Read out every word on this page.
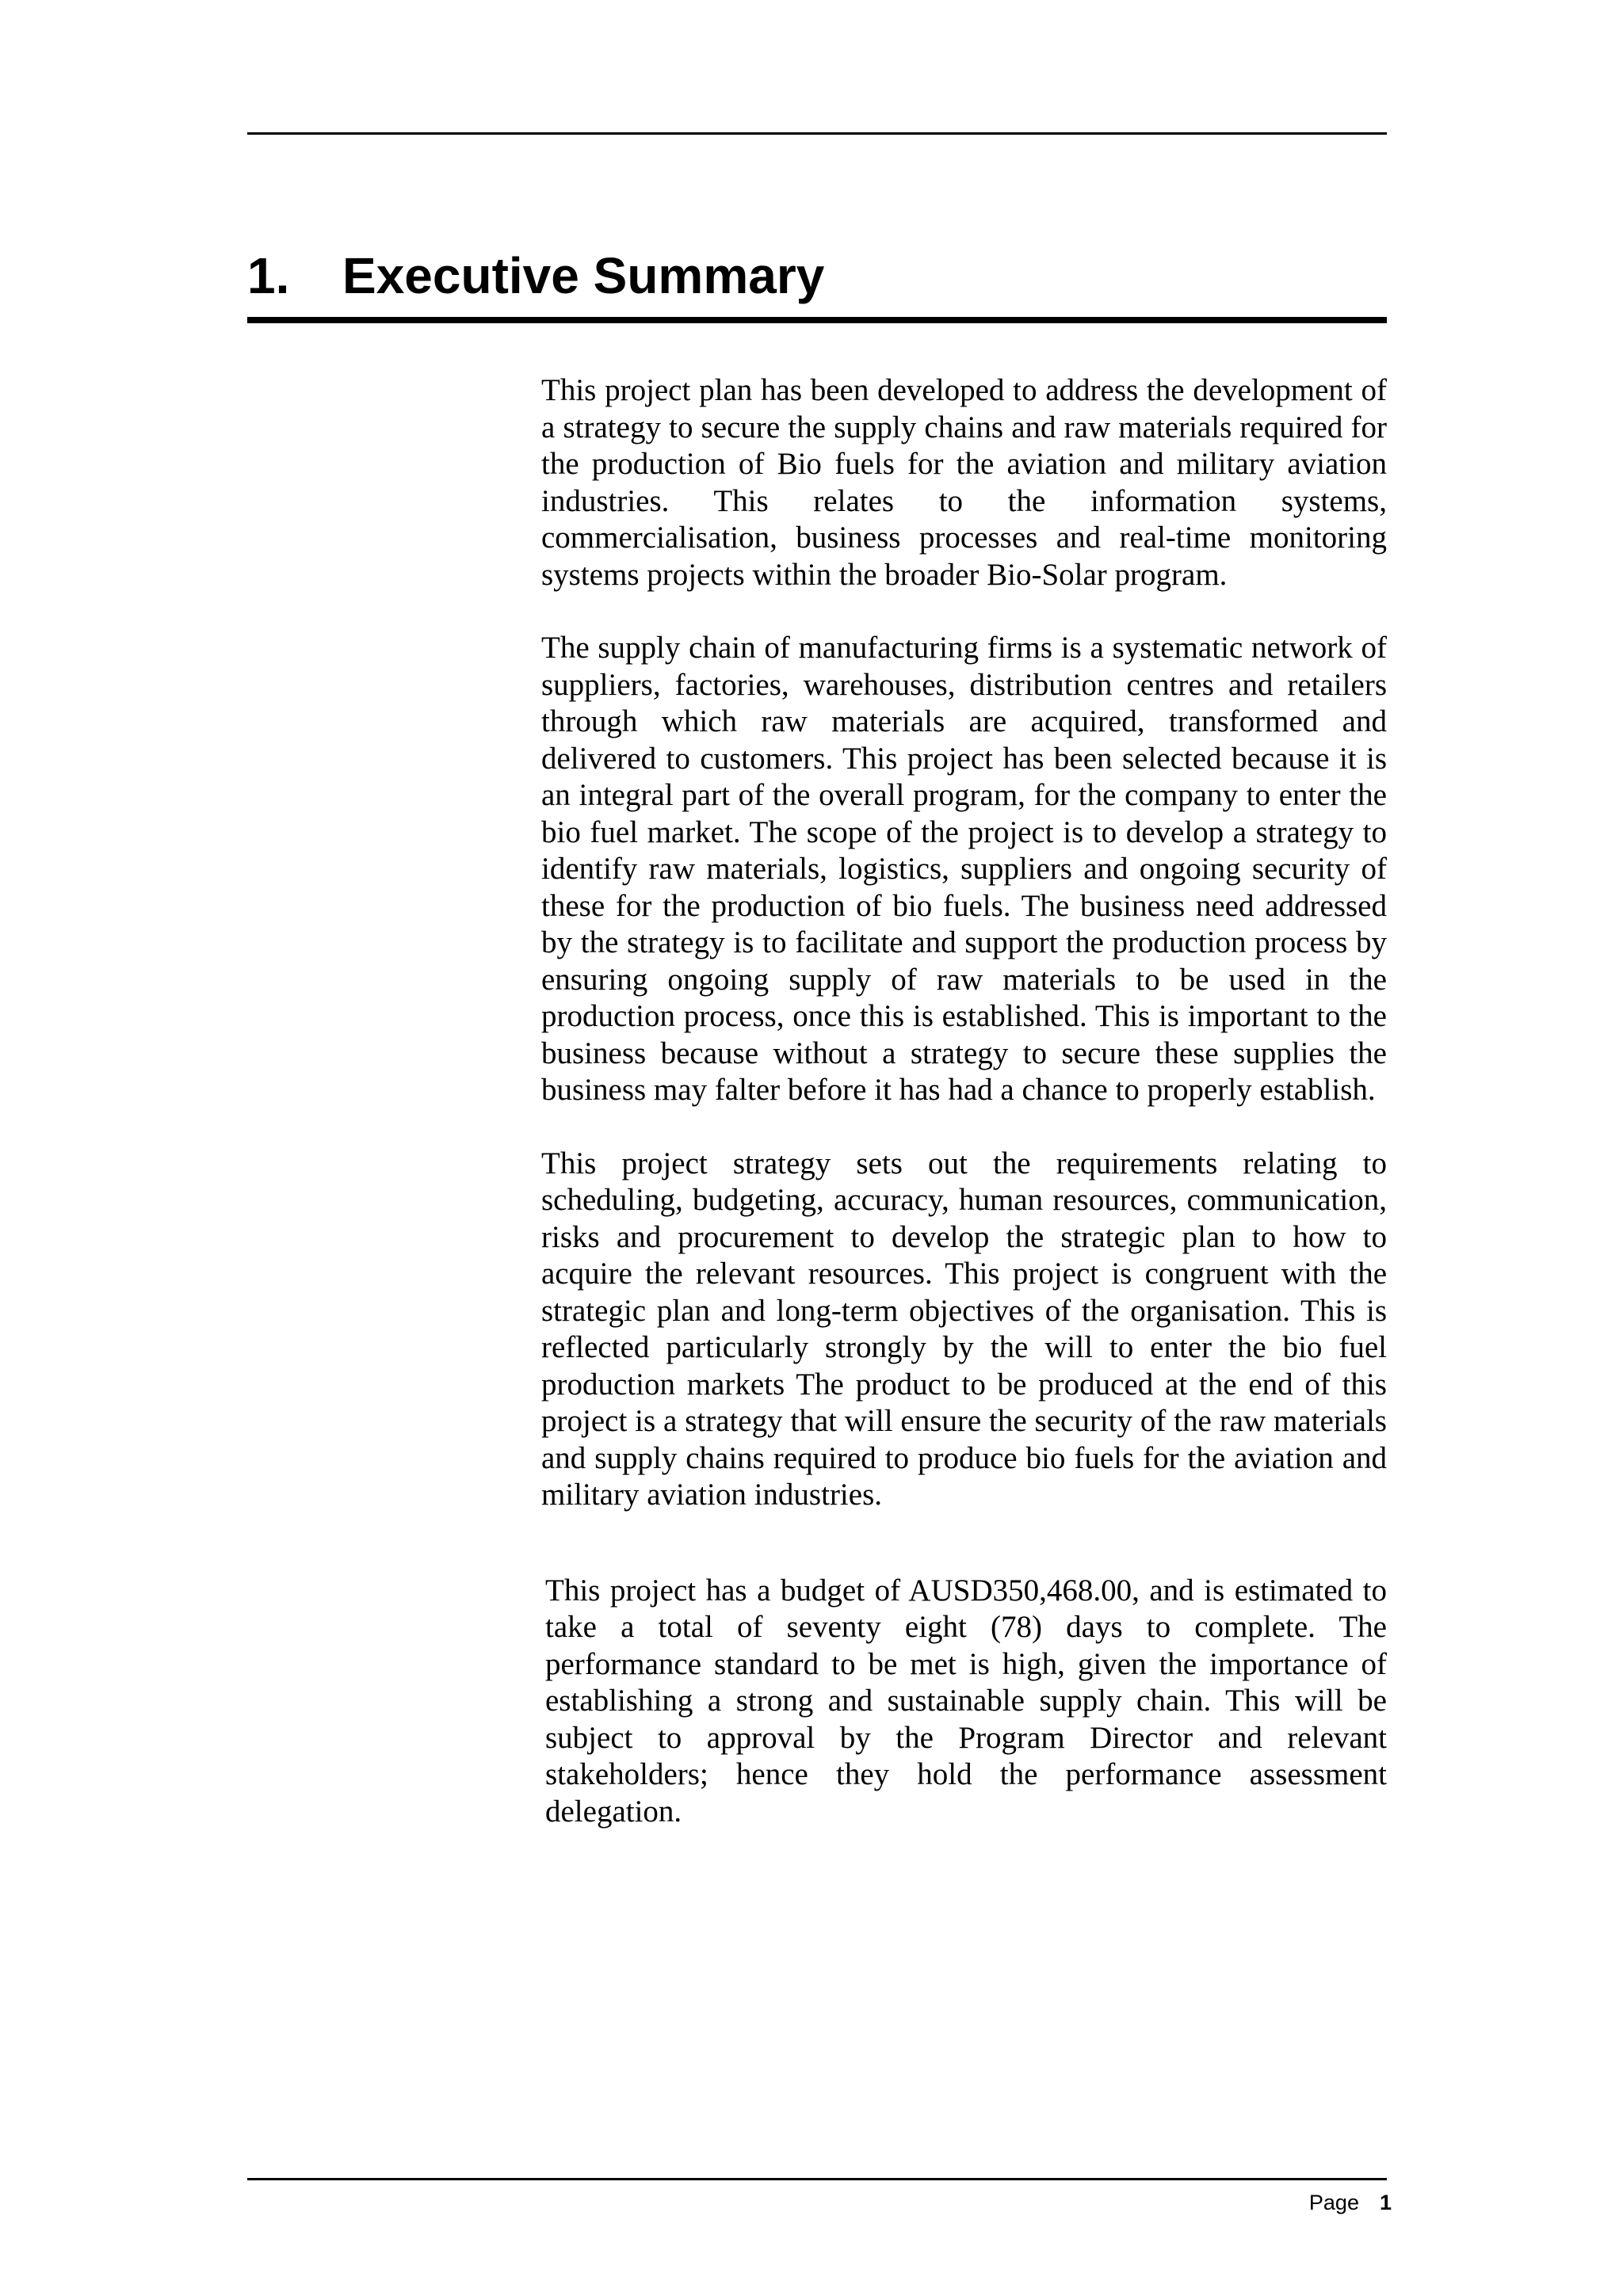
1. Executive Summary

This project plan has been developed to address the development of a strategy to secure the supply chains and raw materials required for the production of Bio fuels for the aviation and military aviation industries. This relates to the information systems, commercialisation, business processes and real-time monitoring systems projects within the broader Bio-Solar program.

The supply chain of manufacturing firms is a systematic network of suppliers, factories, warehouses, distribution centres and retailers through which raw materials are acquired, transformed and delivered to customers. This project has been selected because it is an integral part of the overall program, for the company to enter the bio fuel market. The scope of the project is to develop a strategy to identify raw materials, logistics, suppliers and ongoing security of these for the production of bio fuels. The business need addressed by the strategy is to facilitate and support the production process by ensuring ongoing supply of raw materials to be used in the production process, once this is established. This is important to the business because without a strategy to secure these supplies the business may falter before it has had a chance to properly establish.

This project strategy sets out the requirements relating to scheduling, budgeting, accuracy, human resources, communication, risks and procurement to develop the strategic plan to how to acquire the relevant resources. This project is congruent with the strategic plan and long-term objectives of the organisation. This is reflected particularly strongly by the will to enter the bio fuel production markets The product to be produced at the end of this project is a strategy that will ensure the security of the raw materials and supply chains required to produce bio fuels for the aviation and military aviation industries.

This project has a budget of AUSD350,468.00, and is estimated to take a total of seventy eight (78) days to complete. The performance standard to be met is high, given the importance of establishing a strong and sustainable supply chain. This will be subject to approval by the Program Director and relevant stakeholders; hence they hold the performance assessment delegation.

Page 1
